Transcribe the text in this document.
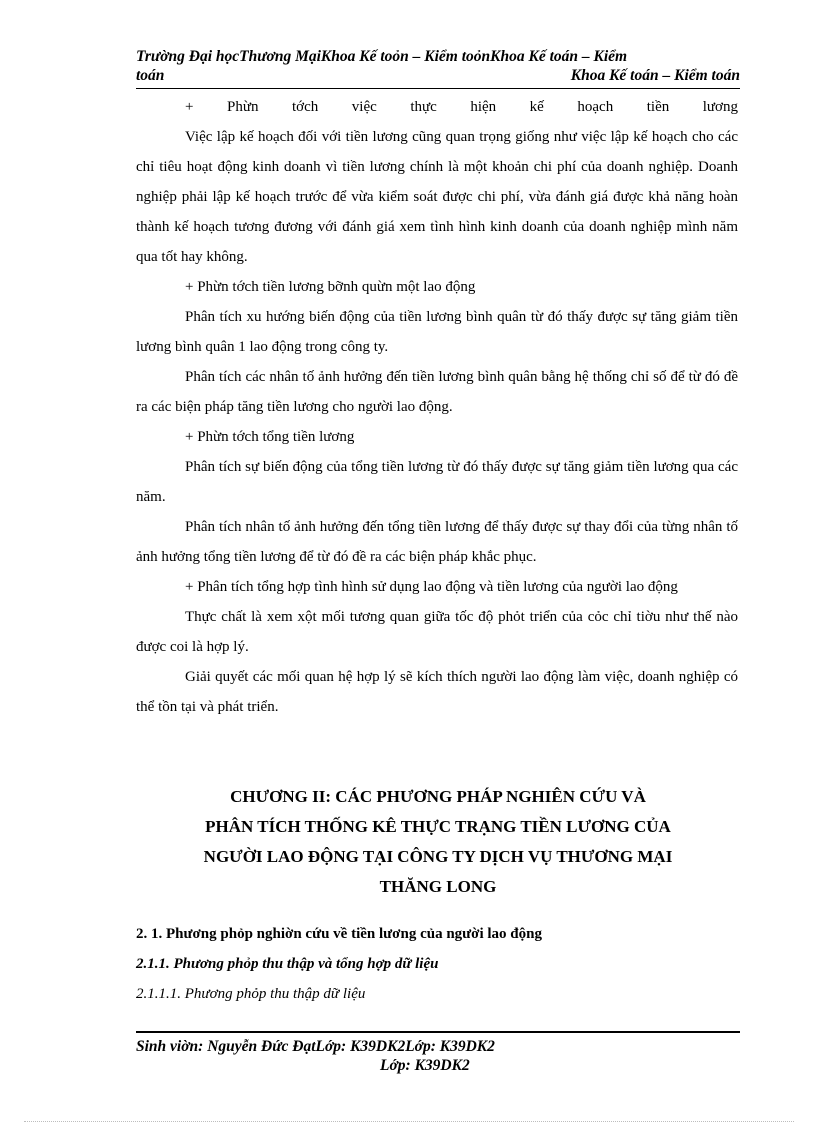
Trường Đại họcThương MạiKhoa Kế toỏn – Kiểm toỏnKhoa Kế toán – Kiểm
toán	Khoa Kế toán – Kiểm toán

+ Phừn tớch việc thực hiện kế hoạch tiền lương

Việc lập kế hoạch đối với tiền lương cũng quan trọng giống như việc lập kế hoạch cho các chỉ tiêu hoạt động kinh doanh vì tiền lương chính là một khoản chi phí của doanh nghiệp. Doanh nghiệp phải lập kế hoạch trước để vừa kiểm soát được chi phí, vừa đánh giá được khả năng hoàn thành kế hoạch tương đương với đánh giá xem tình hình kinh doanh của doanh nghiệp mình năm qua tốt hay không.

+ Phừn tớch tiền lương bỡnh quừn một lao động

Phân tích xu hướng biến động của tiền lương bình quân từ đó thấy được sự tăng giảm tiền lương bình quân 1 lao động trong công ty.

Phân tích các nhân tố ảnh hưởng đến tiền lương bình quân bằng hệ thống chỉ số để từ đó đề ra các biện pháp tăng tiền lương cho người lao động.

+ Phừn tớch tổng tiền lương

Phân tích sự biến động của tổng tiền lương từ đó thấy được sự tăng giảm tiền lương qua các năm.

Phân tích nhân tố ảnh hưởng đến tổng tiền lương để thấy được sự thay đổi của từng nhân tố ảnh hưởng tổng tiền lương để từ đó đề ra các biện pháp khắc phục.

+ Phân tích tổng hợp tình hình sử dụng lao động và tiền lương của người lao động

Thực chất là xem xột mối tương quan giữa tốc độ phỏt triển của cỏc chỉ tiờu như thế nào được coi là hợp lý.

Giải quyết các mối quan hệ hợp lý sẽ kích thích người lao động làm việc, doanh nghiệp có thể tồn tại và phát triển.

CHƯƠNG II: CÁC PHƯƠNG PHÁP NGHIÊN CỨU VÀ
PHÂN TÍCH THỐNG KÊ THỰC TRẠNG TIỀN LƯƠNG CỦA
NGƯỜI LAO ĐỘNG TẠI CÔNG TY DỊCH VỤ THƯƠNG MẠI
THĂNG LONG
2. 1. Phương phỏp nghiờn cứu về tiền lương của người lao động
2.1.1. Phương phỏp thu thập và tổng hợp dữ liệu
2.1.1.1. Phương phỏp thu thập dữ liệu
Sinh viờn: Nguyễn Đức ĐạtLớp: K39DK2Lớp: K39DK2
Lớp: K39DK2
